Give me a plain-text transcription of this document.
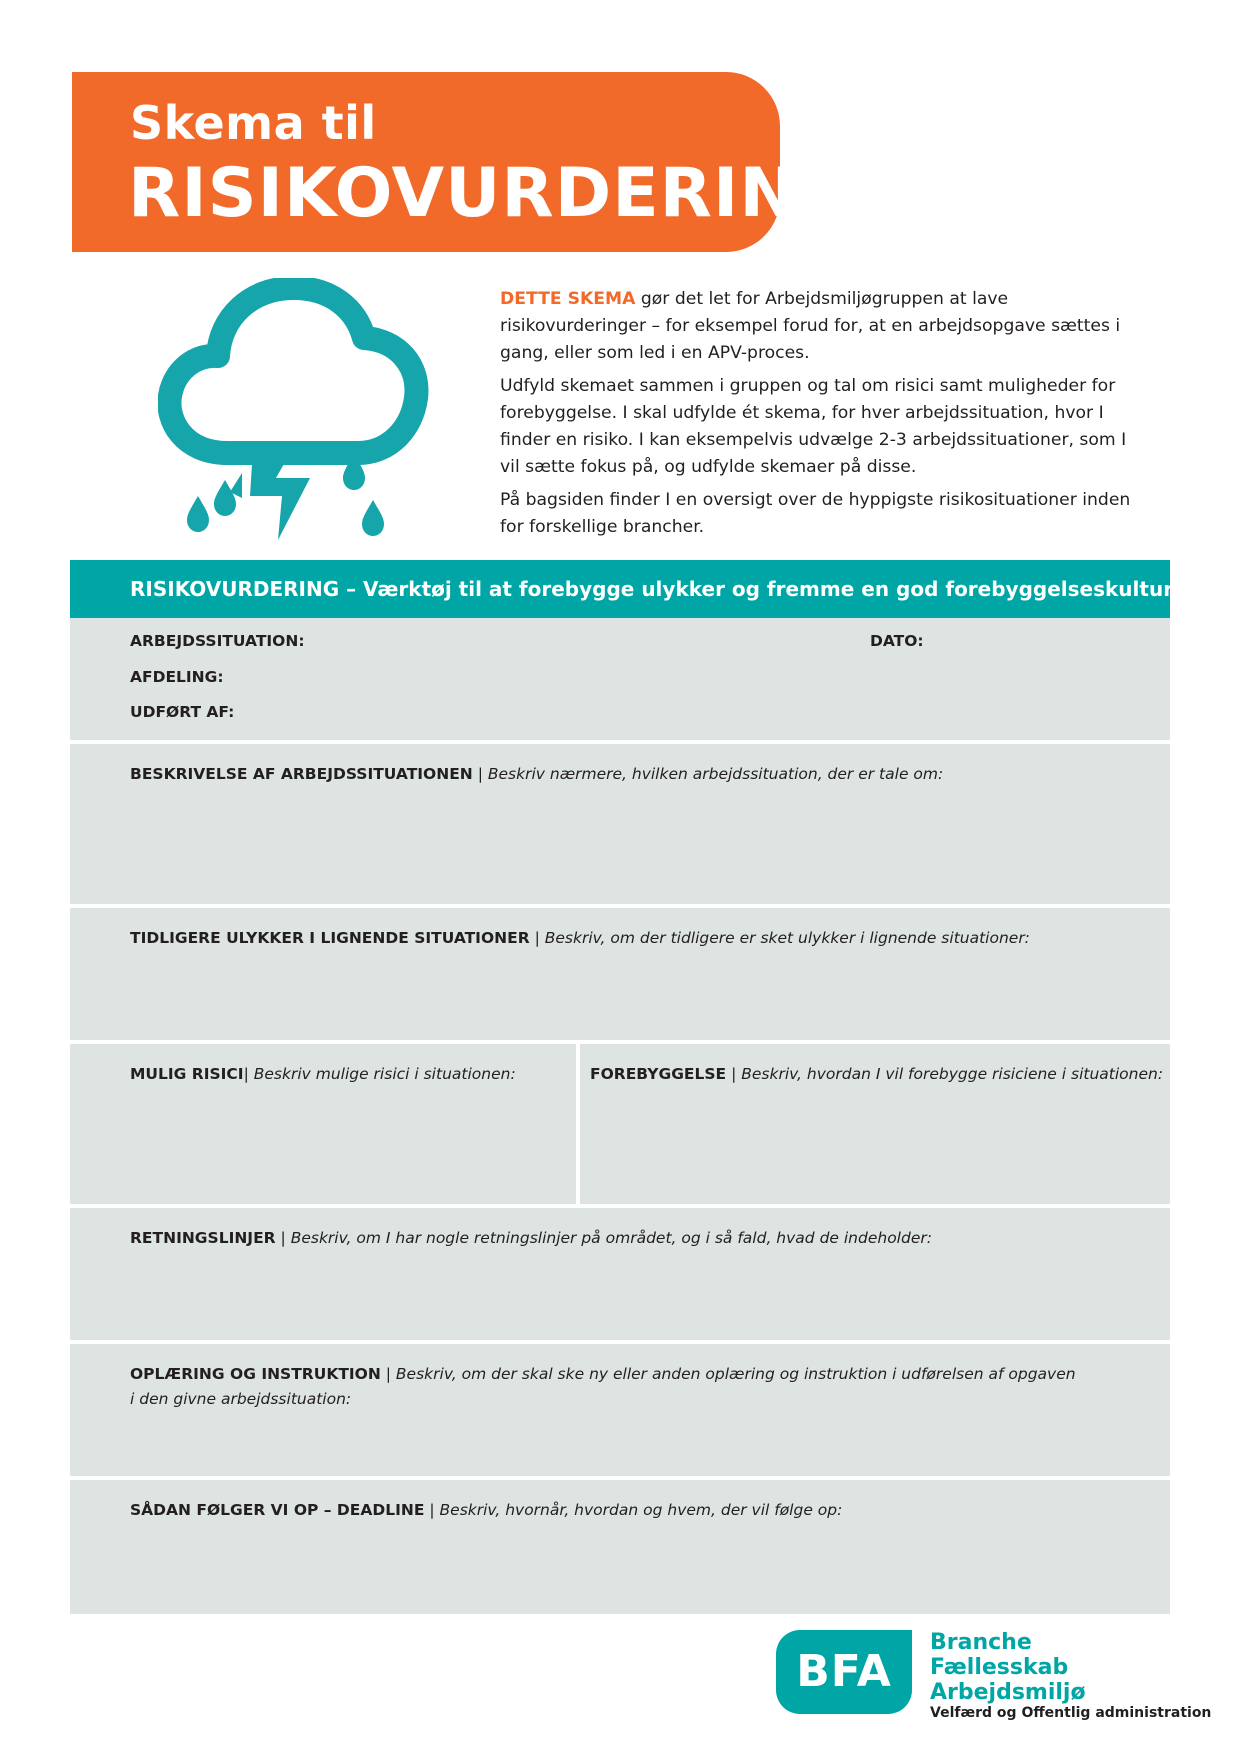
Skema til
RISIKOVURDERING

DETTE SKEMA gør det let for Arbejdsmiljøgruppen at lave risikovurderinger – for eksempel forud for, at en arbejdsopgave sættes i gang, eller som led i en APV-proces.

Udfyld skemaet sammen i gruppen og tal om risici samt muligheder for forebyggelse. I skal udfylde ét skema, for hver arbejdssituation, hvor I finder en risiko. I kan eksempelvis udvælge 2-3 arbejdssituationer, som I vil sætte fokus på, og udfylde skemaer på disse.

På bagsiden finder I en oversigt over de hyppigste risikosituationer inden for forskellige brancher.

RISIKOVURDERING – Værktøj til at forebygge ulykker og fremme en god forebyggelseskultur
ARBEJDSSITUATION:	DATO:
AFDELING:
UDFØRT AF:
BESKRIVELSE AF ARBEJDSSITUATIONEN | Beskriv nærmere, hvilken arbejdssituation, der er tale om:
TIDLIGERE ULYKKER I LIGNENDE SITUATIONER | Beskriv, om der tidligere er sket ulykker i lignende situationer:
MULIG RISICI| Beskriv mulige risici i situationen:	FOREBYGGELSE | Beskriv, hvordan I vil forebygge risiciene i situationen:
RETNINGSLINJER | Beskriv, om I har nogle retningslinjer på området, og i så fald, hvad de indeholder:
OPLÆRING OG INSTRUKTION | Beskriv, om der skal ske ny eller anden oplæring og instruktion i udførelsen af opgaven
i den givne arbejdssituation:
SÅDAN FØLGER VI OP – DEADLINE | Beskriv, hvornår, hvordan og hvem, der vil følge op:
BFA
Branche
Fællesskab
Arbejdsmiljø
Velfærd og Offentlig administration
